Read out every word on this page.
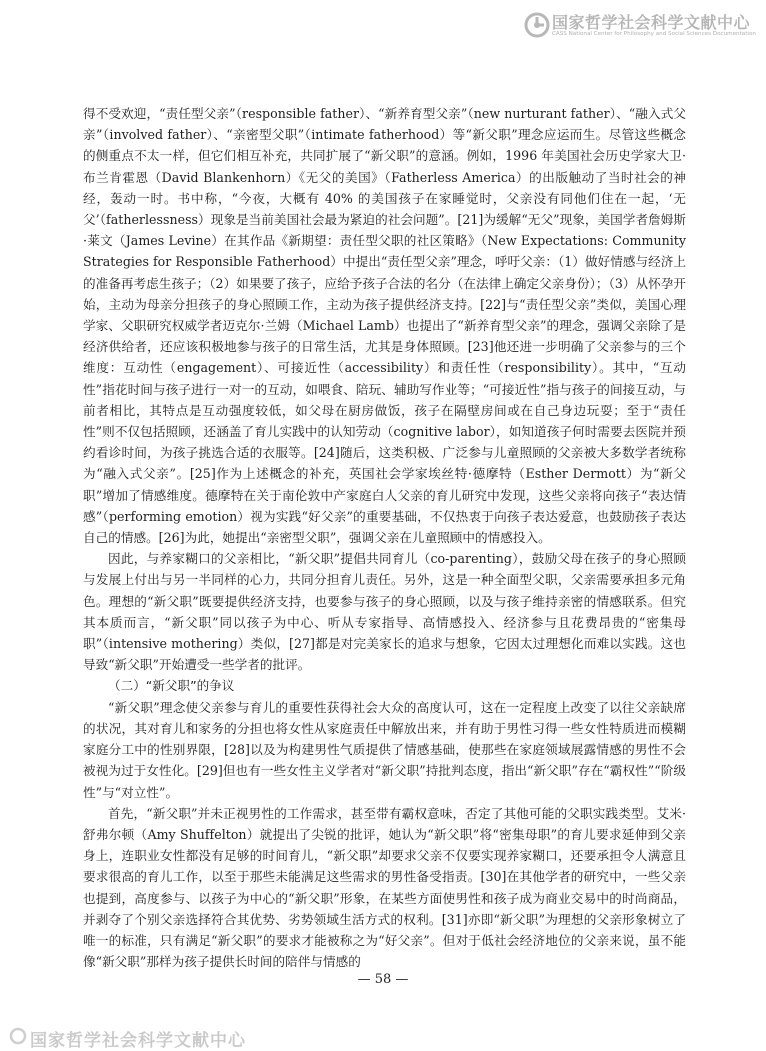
国家哲学社会科学文献中心
CASS National Center for Philosophy and Social Sciences Documentation

得不受欢迎，“责任型父亲”（responsible father）、“新养育型父亲”（new nurturant father）、“融入式父亲”（involved father）、“亲密型父职”（intimate fatherhood）等“新父职”理念应运而生。尽管这些概念的侧重点不太一样，但它们相互补充，共同扩展了“新父职”的意涵。例如，1996 年美国社会历史学家大卫·布兰肯霍恩（David Blankenhorn）《无父的美国》（Fatherless America）的出版触动了当时社会的神经，轰动一时。书中称，“今夜，大概有 40% 的美国孩子在家睡觉时，父亲没有同他们住在一起，‘无父’（fatherlessness）现象是当前美国社会最为紧迫的社会问题”。[21]为缓解“无父”现象，美国学者詹姆斯·莱文（James Levine）在其作品《新期望：责任型父职的社区策略》（New Expectations: Community Strategies for Responsible Fatherhood）中提出“责任型父亲”理念，呼吁父亲：（1）做好情感与经济上的准备再考虑生孩子；（2）如果要了孩子，应给予孩子合法的名分（在法律上确定父亲身份）；（3）从怀孕开始，主动为母亲分担孩子的身心照顾工作，主动为孩子提供经济支持。[22]与“责任型父亲”类似，美国心理学家、父职研究权威学者迈克尔·兰姆（Michael Lamb）也提出了“新养育型父亲”的理念，强调父亲除了是经济供给者，还应该积极地参与孩子的日常生活，尤其是身体照顾。[23]他还进一步明确了父亲参与的三个维度：互动性（engagement）、可接近性（accessibility）和责任性（responsibility）。其中，“互动性”指花时间与孩子进行一对一的互动，如喂食、陪玩、辅助写作业等；“可接近性”指与孩子的间接互动，与前者相比，其特点是互动强度较低，如父母在厨房做饭，孩子在隔壁房间或在自己身边玩耍；至于“责任性”则不仅包括照顾，还涵盖了育儿实践中的认知劳动（cognitive labor），如知道孩子何时需要去医院并预约看诊时间，为孩子挑选合适的衣服等。[24]随后，这类积极、广泛参与儿童照顾的父亲被大多数学者统称为“融入式父亲”。[25]作为上述概念的补充，英国社会学家埃丝特·德摩特（Esther Dermott）为“新父职”增加了情感维度。德摩特在关于南伦敦中产家庭白人父亲的育儿研究中发现，这些父亲将向孩子“表达情感”（performing emotion）视为实践“好父亲”的重要基础，不仅热衷于向孩子表达爱意，也鼓励孩子表达自己的情感。[26]为此，她提出“亲密型父职”，强调父亲在儿童照顾中的情感投入。

因此，与养家糊口的父亲相比，“新父职”提倡共同育儿（co-parenting），鼓励父母在孩子的身心照顾与发展上付出与另一半同样的心力，共同分担育儿责任。另外，这是一种全面型父职，父亲需要承担多元角色。理想的“新父职”既要提供经济支持，也要参与孩子的身心照顾，以及与孩子维持亲密的情感联系。但究其本质而言，“新父职”同以孩子为中心、听从专家指导、高情感投入、经济参与且花费昂贵的“密集母职”（intensive mothering）类似，[27]都是对完美家长的追求与想象，它因太过理想化而难以实践。这也导致“新父职”开始遭受一些学者的批评。

（二）“新父职”的争议

“新父职”理念使父亲参与育儿的重要性获得社会大众的高度认可，这在一定程度上改变了以往父亲缺席的状况，其对育儿和家务的分担也将女性从家庭责任中解放出来，并有助于男性习得一些女性特质进而模糊家庭分工中的性别界限，[28]以及为构建男性气质提供了情感基础，使那些在家庭领域展露情感的男性不会被视为过于女性化。[29]但也有一些女性主义学者对“新父职”持批判态度，指出“新父职”存在“霸权性”“阶级性”与“对立性”。

首先，“新父职”并未正视男性的工作需求，甚至带有霸权意味，否定了其他可能的父职实践类型。艾米·舒弗尔顿（Amy Shuffelton）就提出了尖锐的批评，她认为“新父职”将“密集母职”的育儿要求延伸到父亲身上，连职业女性都没有足够的时间育儿，“新父职”却要求父亲不仅要实现养家糊口，还要承担令人满意且要求很高的育儿工作，以至于那些未能满足这些需求的男性备受指责。[30]在其他学者的研究中，一些父亲也提到，高度参与、以孩子为中心的“新父职”形象，在某些方面使男性和孩子成为商业交易中的时尚商品，并剥夺了个别父亲选择符合其优势、劣势领域生活方式的权利。[31]亦即“新父职”为理想的父亲形象树立了唯一的标准，只有满足“新父职”的要求才能被称之为“好父亲”。但对于低社会经济地位的父亲来说，虽不能像“新父职”那样为孩子提供长时间的陪伴与情感的

— 58 —
国家哲学社会科学文献中心
